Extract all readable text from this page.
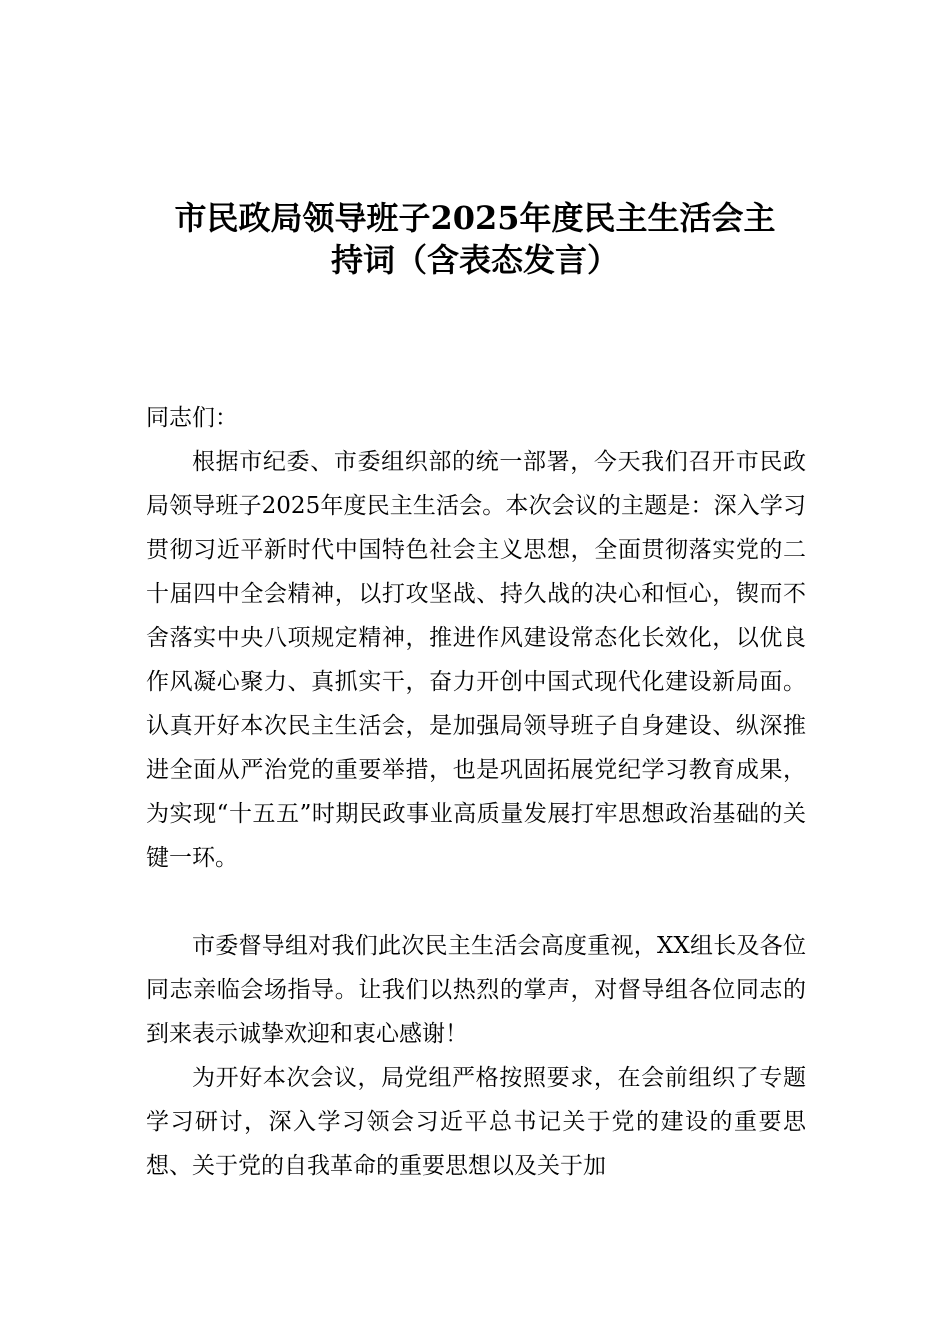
市民政局领导班子2025年度民主生活会主
持词（含表态发言）

同志们：

根据市纪委、市委组织部的统一部署，今天我们召开市民政局领导班子2025年度民主生活会。本次会议的主题是：深入学习贯彻习近平新时代中国特色社会主义思想，全面贯彻落实党的二十届四中全会精神，以打攻坚战、持久战的决心和恒心，锲而不舍落实中央八项规定精神，推进作风建设常态化长效化，以优良作风凝心聚力、真抓实干，奋力开创中国式现代化建设新局面。认真开好本次民主生活会，是加强局领导班子自身建设、纵深推进全面从严治党的重要举措，也是巩固拓展党纪学习教育成果，为实现“十五五”时期民政事业高质量发展打牢思想政治基础的关键一环。

市委督导组对我们此次民主生活会高度重视，XX组长及各位同志亲临会场指导。让我们以热烈的掌声，对督导组各位同志的到来表示诚挚欢迎和衷心感谢！

为开好本次会议，局党组严格按照要求，在会前组织了专题学习研讨，深入学习领会习近平总书记关于党的建设的重要思想、关于党的自我革命的重要思想以及关于加
